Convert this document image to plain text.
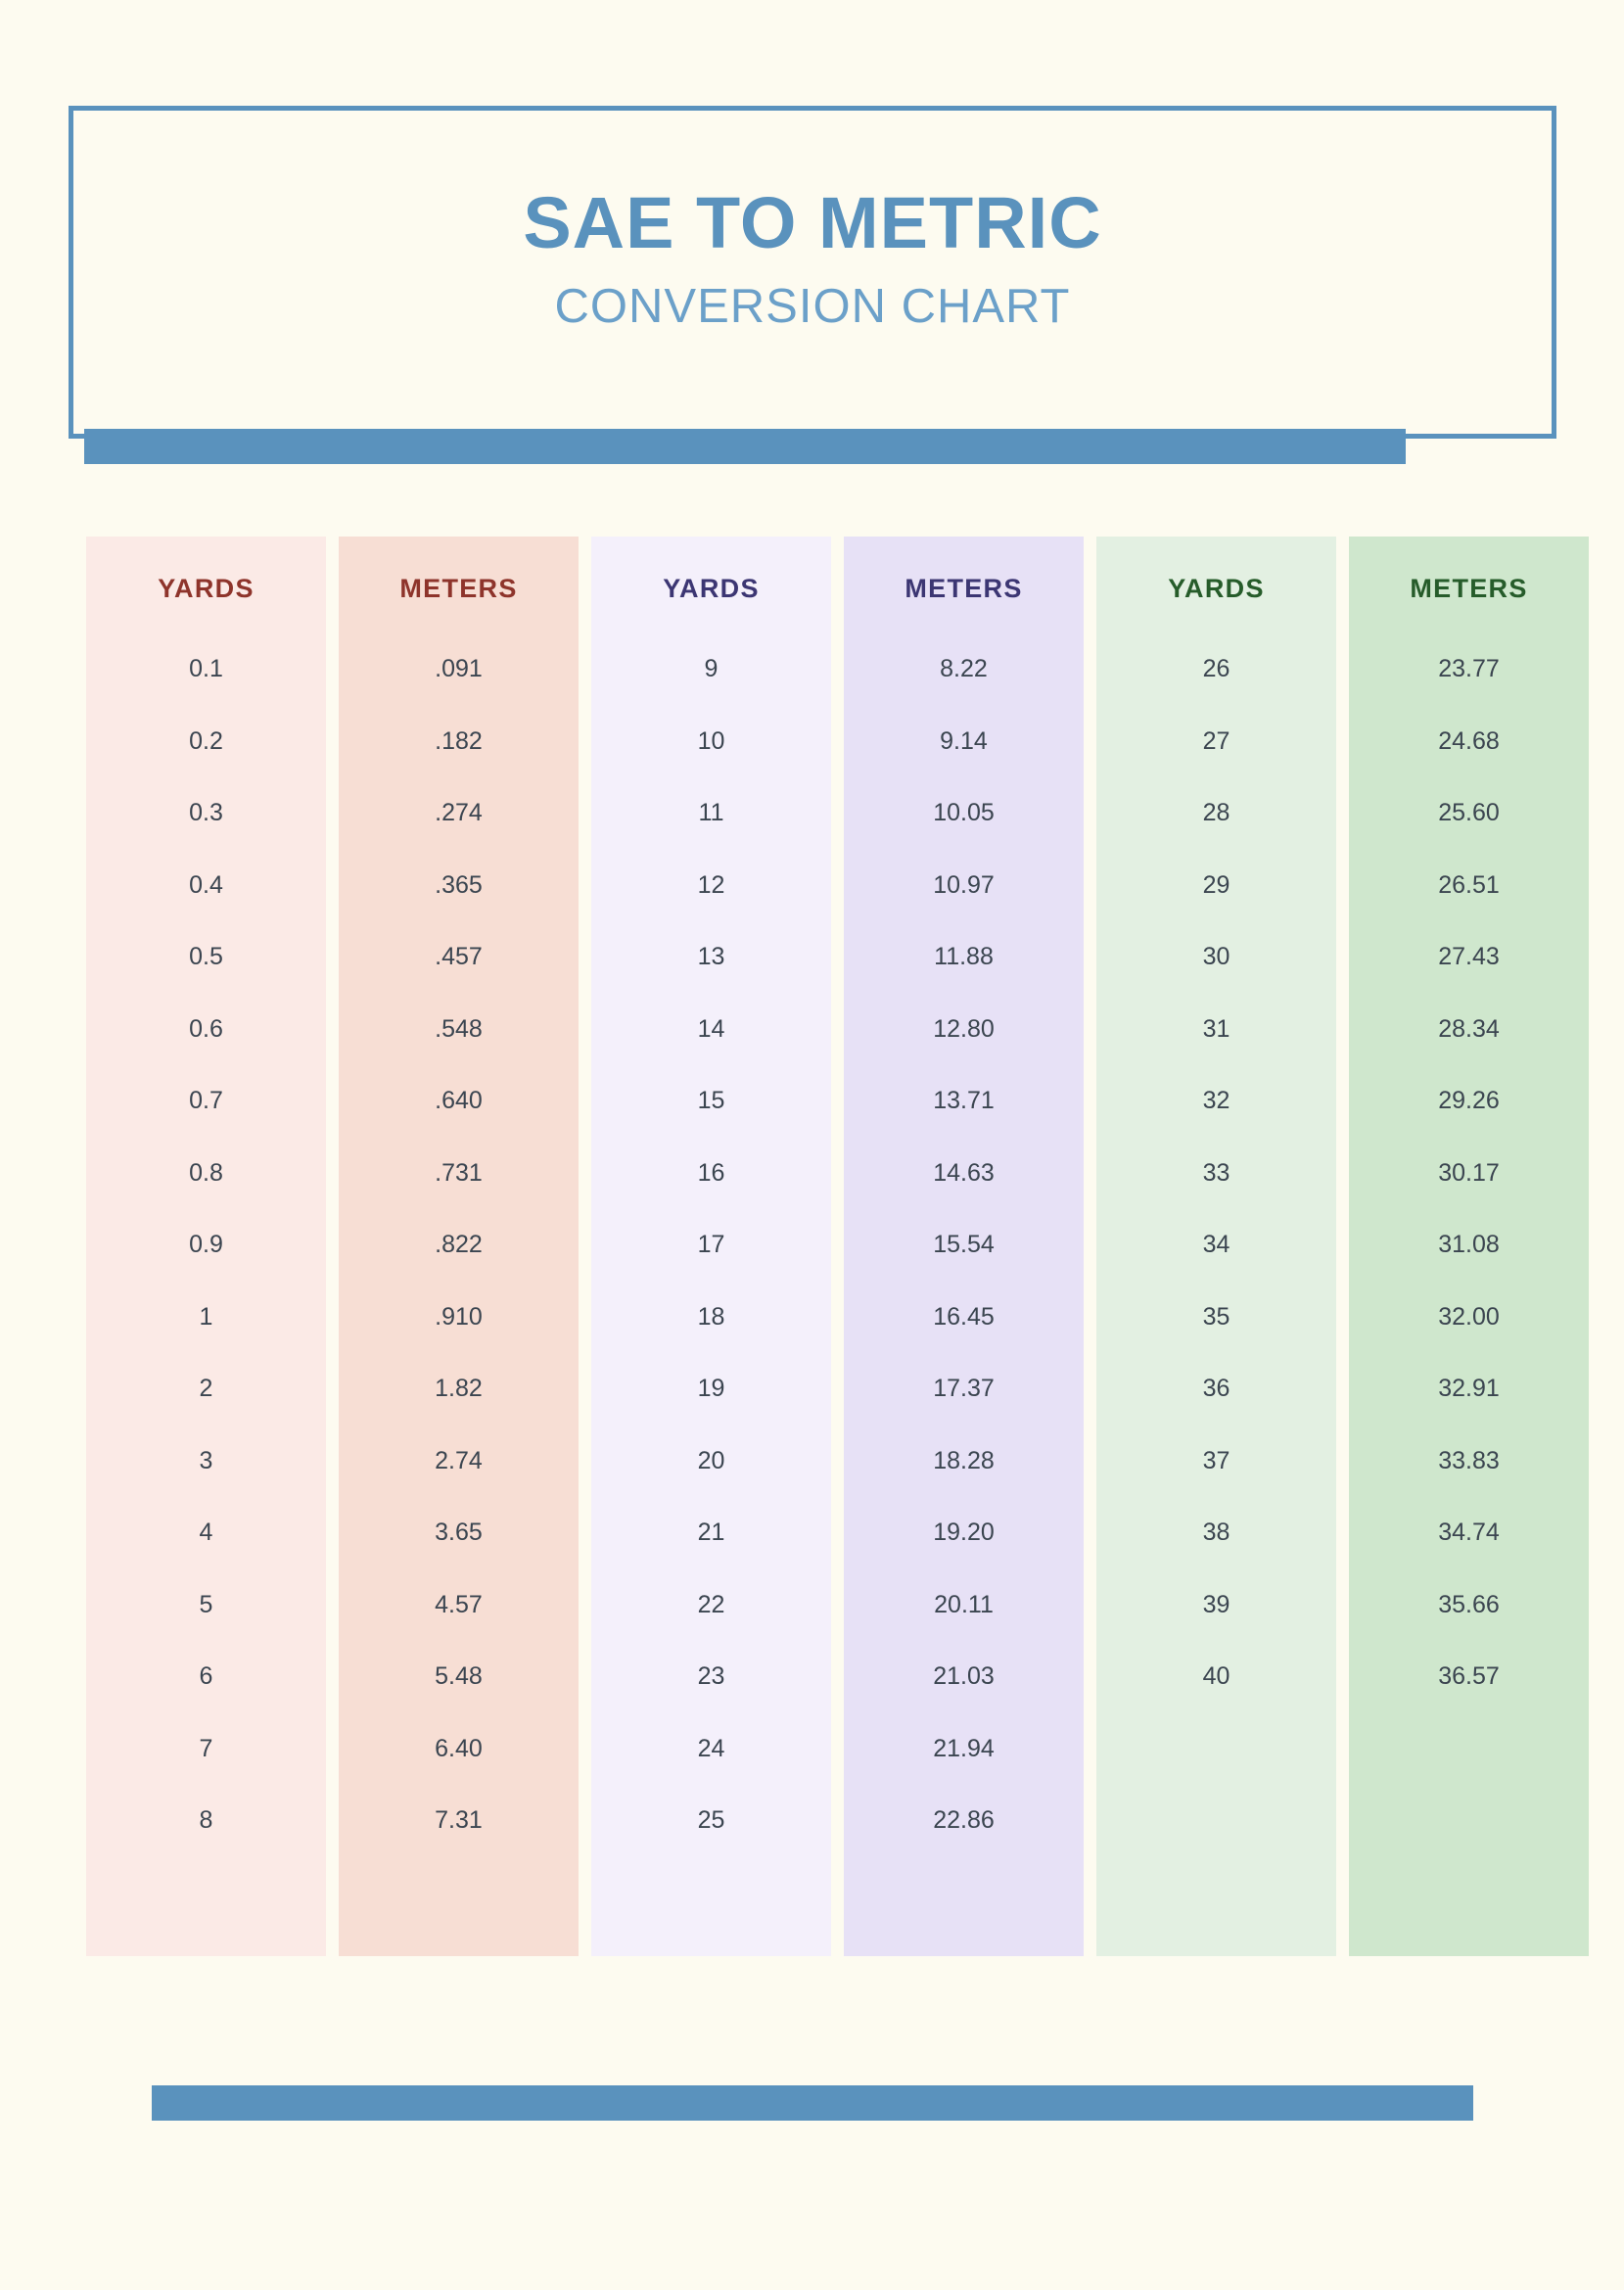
SAE TO METRIC
CONVERSION CHART
YARDS
0.1
0.2
0.3
0.4
0.5
0.6
0.7
0.8
0.9
1
2
3
4
5
6
7
8
METERS
.091
.182
.274
.365
.457
.548
.640
.731
.822
.910
1.82
2.74
3.65
4.57
5.48
6.40
7.31
YARDS
9
10
11
12
13
14
15
16
17
18
19
20
21
22
23
24
25
METERS
8.22
9.14
10.05
10.97
11.88
12.80
13.71
14.63
15.54
16.45
17.37
18.28
19.20
20.11
21.03
21.94
22.86
YARDS
26
27
28
29
30
31
32
33
34
35
36
37
38
39
40
METERS
23.77
24.68
25.60
26.51
27.43
28.34
29.26
30.17
31.08
32.00
32.91
33.83
34.74
35.66
36.57
